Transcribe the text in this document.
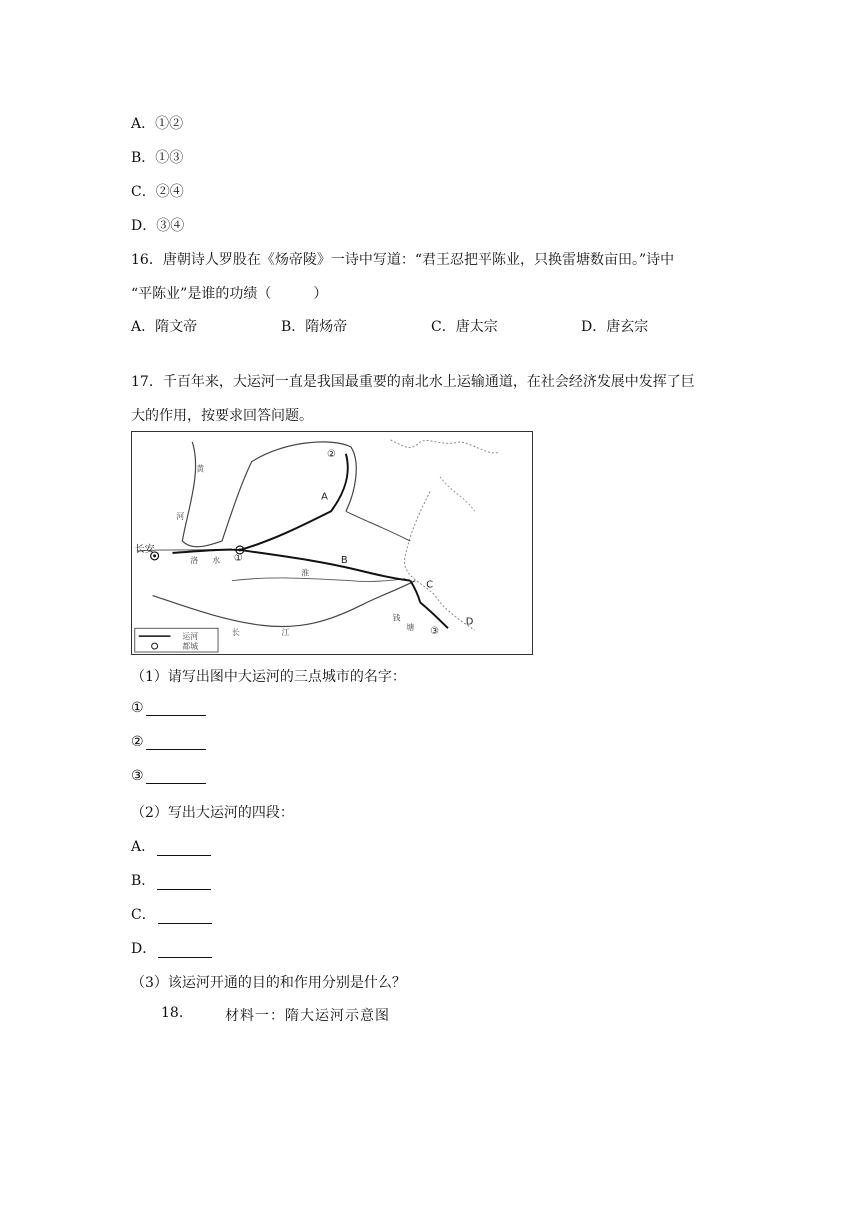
A．①②
B．①③
C．②④
D．③④
16．唐朝诗人罗股在《炀帝陵》一诗中写道：“君王忍把平陈业，只换雷塘数亩田。”诗中
“平陈业”是谁的功绩（　　　）
A．隋文帝	B．隋炀帝	C．唐太宗	D．唐玄宗
17．千百年来，大运河一直是我国最重要的南北水上运输通道，在社会经济发展中发挥了巨
大的作用，按要求回答问题。
长安
①
②
③
A
B
C
D
黄
河
洛 水
长	江
钱
塘
淮
运河
都城
（1）请写出图中大运河的三点城市的名字：
①
②
③
（2）写出大运河的四段：
A．
B．
C．
D．
（3）该运河开通的目的和作用分别是什么？
18.	材料一：隋大运河示意图
